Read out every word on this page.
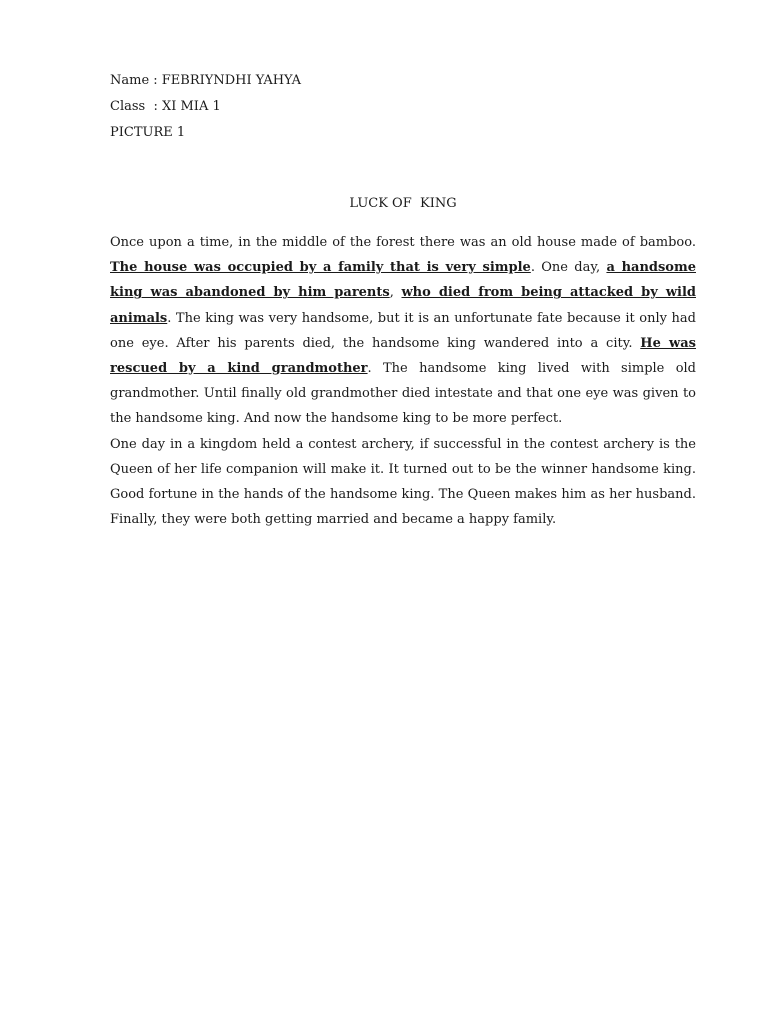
Name : FEBRIYNDHI YAHYA
Class  : XI MIA 1
PICTURE 1
LUCK OF  KING

Once upon a time, in the middle of the forest there was an old house made of bamboo. The house was occupied by a family that is very simple. One day, a handsome king was abandoned by him parents, who died from being attacked by wild animals. The king was very handsome, but it is an unfortunate fate because it only had one eye. After his parents died, the handsome king wandered into a city. He was rescued by a kind grandmother. The handsome king lived with simple old grandmother. Until finally old grandmother died intestate and that one eye was given to the handsome king. And now the handsome king to be more perfect.

One day in a kingdom held a contest archery, if successful in the contest archery is the Queen of her life companion will make it. It turned out to be the winner handsome king. Good fortune in the hands of the handsome king. The Queen makes him as her husband. Finally, they were both getting married and became a happy family.
